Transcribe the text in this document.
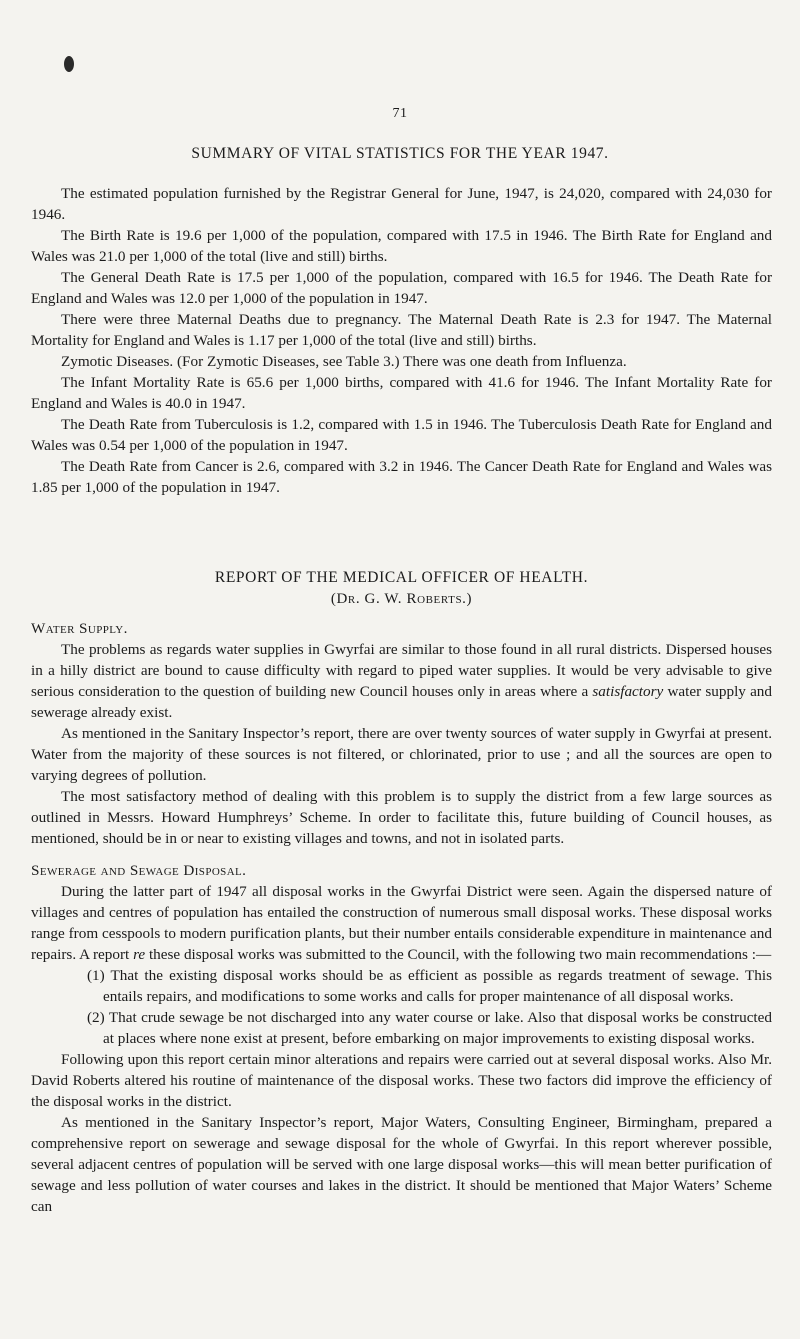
71
SUMMARY OF VITAL STATISTICS FOR THE YEAR 1947.

The estimated population furnished by the Registrar General for June, 1947, is 24,020, compared with 24,030 for 1946.

The Birth Rate is 19.6 per 1,000 of the population, compared with 17.5 in 1946. The Birth Rate for England and Wales was 21.0 per 1,000 of the total (live and still) births.

The General Death Rate is 17.5 per 1,000 of the population, compared with 16.5 for 1946. The Death Rate for England and Wales was 12.0 per 1,000 of the population in 1947.

There were three Maternal Deaths due to pregnancy. The Maternal Death Rate is 2.3 for 1947. The Maternal Mortality for England and Wales is 1.17 per 1,000 of the total (live and still) births.

Zymotic Diseases. (For Zymotic Diseases, see Table 3.) There was one death from Influenza.

The Infant Mortality Rate is 65.6 per 1,000 births, compared with 41.6 for 1946. The Infant Mortality Rate for England and Wales is 40.0 in 1947.

The Death Rate from Tuberculosis is 1.2, compared with 1.5 in 1946. The Tuberculosis Death Rate for England and Wales was 0.54 per 1,000 of the population in 1947.

The Death Rate from Cancer is 2.6, compared with 3.2 in 1946. The Cancer Death Rate for England and Wales was 1.85 per 1,000 of the population in 1947.

REPORT OF THE MEDICAL OFFICER OF HEALTH.
(Dr. G. W. Roberts.)
Water Supply.

The problems as regards water supplies in Gwyrfai are similar to those found in all rural districts. Dispersed houses in a hilly district are bound to cause difficulty with regard to piped water supplies. It would be very advisable to give serious consideration to the question of building new Council houses only in areas where a satisfactory water supply and sewerage already exist.

As mentioned in the Sanitary Inspector’s report, there are over twenty sources of water supply in Gwyrfai at present. Water from the majority of these sources is not filtered, or chlorinated, prior to use ; and all the sources are open to varying degrees of pollution.

The most satisfactory method of dealing with this problem is to supply the district from a few large sources as outlined in Messrs. Howard Humphreys’ Scheme. In order to facilitate this, future building of Council houses, as mentioned, should be in or near to existing villages and towns, and not in isolated parts.

Sewerage and Sewage Disposal.

During the latter part of 1947 all disposal works in the Gwyrfai District were seen. Again the dispersed nature of villages and centres of population has entailed the construction of numerous small disposal works. These disposal works range from cesspools to modern purification plants, but their number entails considerable expenditure in maintenance and repairs. A report re these disposal works was submitted to the Council, with the following two main recommendations :—

(1) That the existing disposal works should be as efficient as possible as regards treatment of sewage. This entails repairs, and modifications to some works and calls for proper maintenance of all disposal works.
(2) That crude sewage be not discharged into any water course or lake. Also that disposal works be constructed at places where none exist at present, before embarking on major improvements to existing disposal works.

Following upon this report certain minor alterations and repairs were carried out at several disposal works. Also Mr. David Roberts altered his routine of maintenance of the disposal works. These two factors did improve the efficiency of the disposal works in the district.

As mentioned in the Sanitary Inspector’s report, Major Waters, Consulting Engineer, Birmingham, prepared a comprehensive report on sewerage and sewage disposal for the whole of Gwyrfai. In this report wherever possible, several adjacent centres of population will be served with one large disposal works—this will mean better purification of sewage and less pollution of water courses and lakes in the district. It should be mentioned that Major Waters’ Scheme can
